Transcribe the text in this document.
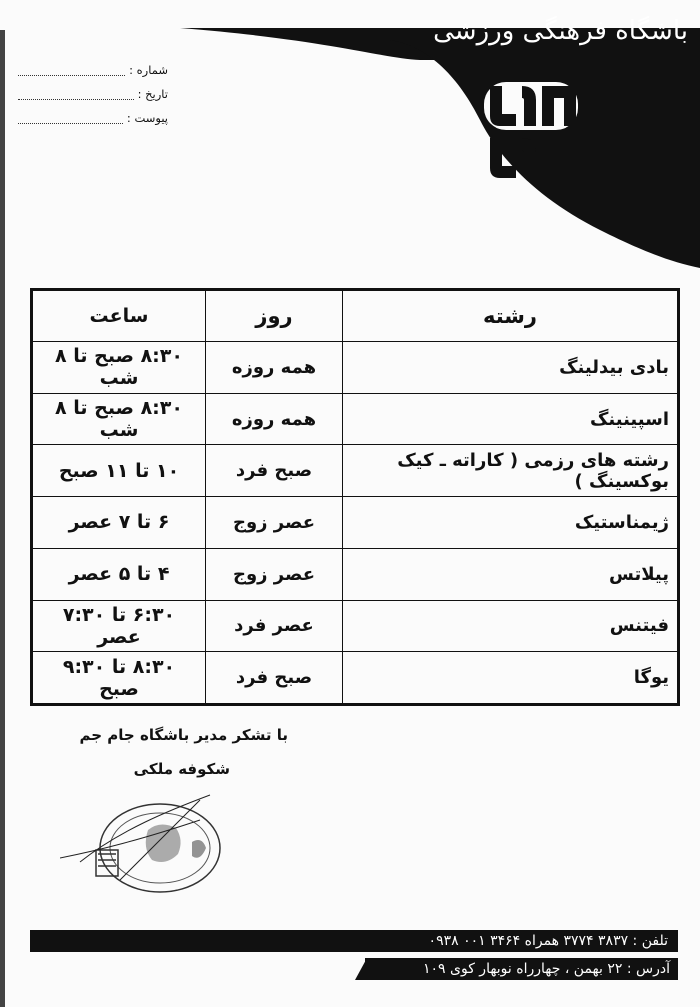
باشگاه فرهنگی ورزشی
شماره :
تاریخ :
پیوست :
رشته	روز	ساعت
بادی بیدلینگ	همه روزه	۸:۳۰ صبح تا ۸ شب
اسپینینگ	همه روزه	۸:۳۰ صبح تا ۸ شب
رشته های رزمی ( کاراته ـ کیک بوکسینگ )	صبح فرد	۱۰ تا ۱۱ صبح
ژیمناستیک	عصر زوج	۶ تا ۷ عصر
پیلاتس	عصر زوج	۴ تا ۵ عصر
فیتنس	عصر فرد	۶:۳۰ تا ۷:۳۰ عصر
یوگا	صبح فرد	۸:۳۰ تا ۹:۳۰ صبح
با تشکر مدیر باشگاه جام جم
شکوفه ملکی
تلفن : ۳۸۳۷ ۳۷۷۴ همراه ۳۴۶۴ ۰۰۱ ۰۹۳۸
آدرس : ۲۲ بهمن ، چهارراه نوبهار کوی ۱۰۹
